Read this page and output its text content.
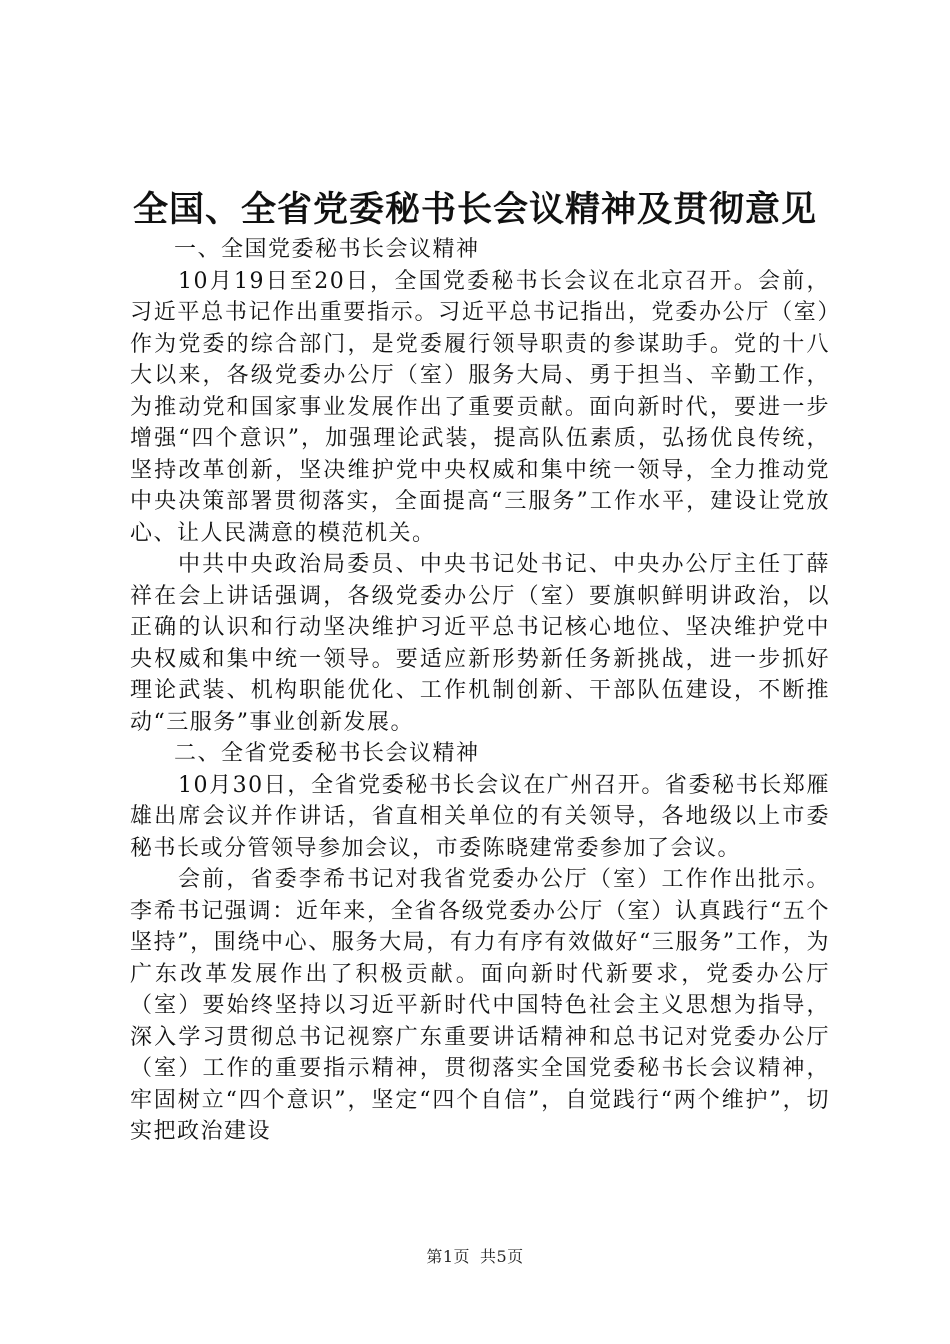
全国、全省党委秘书长会议精神及贯彻意见
一、全国党委秘书长会议精神

10月19日至20日，全国党委秘书长会议在北京召开。会前，习近平总书记作出重要指示。习近平总书记指出，党委办公厅（室）作为党委的综合部门，是党委履行领导职责的参谋助手。党的十八大以来，各级党委办公厅（室）服务大局、勇于担当、辛勤工作，为推动党和国家事业发展作出了重要贡献。面向新时代，要进一步增强“四个意识”，加强理论武装，提高队伍素质，弘扬优良传统，坚持改革创新，坚决维护党中央权威和集中统一领导，全力推动党中央决策部署贯彻落实，全面提高“三服务”工作水平，建设让党放心、让人民满意的模范机关。

中共中央政治局委员、中央书记处书记、中央办公厅主任丁薛祥在会上讲话强调，各级党委办公厅（室）要旗帜鲜明讲政治，以正确的认识和行动坚决维护习近平总书记核心地位、坚决维护党中央权威和集中统一领导。要适应新形势新任务新挑战，进一步抓好理论武装、机构职能优化、工作机制创新、干部队伍建设，不断推动“三服务”事业创新发展。

二、全省党委秘书长会议精神

10月30日，全省党委秘书长会议在广州召开。省委秘书长郑雁雄出席会议并作讲话，省直相关单位的有关领导，各地级以上市委秘书长或分管领导参加会议，市委陈晓建常委参加了会议。

会前，省委李希书记对我省党委办公厅（室）工作作出批示。李希书记强调：近年来，全省各级党委办公厅（室）认真践行“五个坚持”，围绕中心、服务大局，有力有序有效做好“三服务”工作，为广东改革发展作出了积极贡献。面向新时代新要求，党委办公厅（室）要始终坚持以习近平新时代中国特色社会主义思想为指导，深入学习贯彻总书记视察广东重要讲话精神和总书记对党委办公厅（室）工作的重要指示精神，贯彻落实全国党委秘书长会议精神，牢固树立“四个意识”，坚定“四个自信”，自觉践行“两个维护”，切实把政治建设

第1页 共5页
